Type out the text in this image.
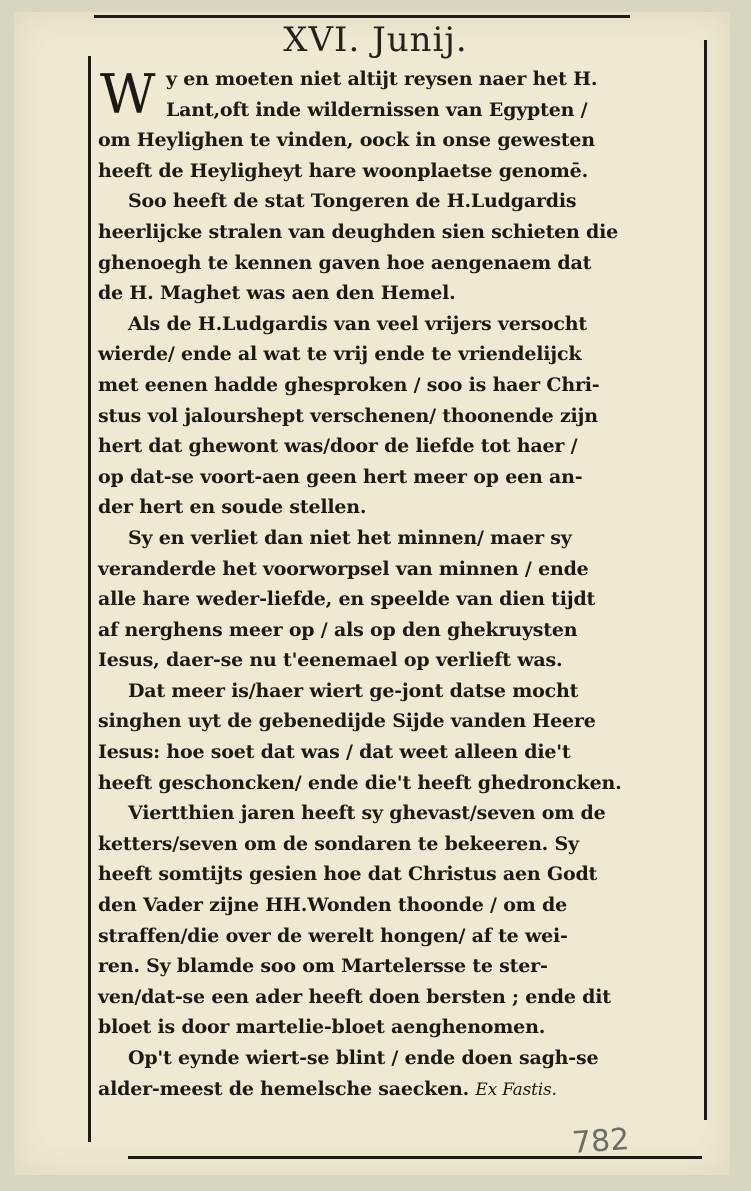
XVI. Junij.
W y en moeten niet altijt reysen naer het H.
Lant,oft inde wildernissen van Egypten /
om Heylighen te vinden, oock in onse gewesten
heeft de Heyligheyt hare woonplaetse genomē.
Soo heeft de stat Tongeren de H.Ludgardis
heerlijcke stralen van deughden sien schieten die
ghenoegh te kennen gaven hoe aengenaem dat
de H. Maghet was aen den Hemel.
Als de H.Ludgardis van veel vrijers versocht
wierde/ ende al wat te vrij ende te vriendelijck
met eenen hadde ghesproken / soo is haer Chri-
stus vol jalourshept verschenen/ thoonende zijn
hert dat ghewont was/door de liefde tot haer /
op dat-se voort-aen geen hert meer op een an-
der hert en soude stellen.
Sy en verliet dan niet het minnen/ maer sy
veranderde het voorworpsel van minnen / ende
alle hare weder-liefde, en speelde van dien tijdt
af nerghens meer op / als op den ghekruysten
Iesus, daer-se nu t'eenemael op verlieft was.
Dat meer is/haer wiert ge-jont datse mocht
singhen uyt de gebenedijde Sijde vanden Heere
Iesus: hoe soet dat was / dat weet alleen die't
heeft geschoncken/ ende die't heeft ghedroncken.
Viertthien jaren heeft sy ghevast/seven om de
ketters/seven om de sondaren te bekeeren. Sy
heeft somtijts gesien hoe dat Christus aen Godt
den Vader zijne HH.Wonden thoonde / om de
straffen/die over de werelt hongen/ af te wei-
ren. Sy blamde soo om Martelersse te ster-
ven/dat-se een ader heeft doen bersten ; ende dit
bloet is door martelie-bloet aenghenomen.
Op't eynde wiert-se blint / ende doen sagh-se
alder-meest de hemelsche saecken. Ex Fastis.
782
